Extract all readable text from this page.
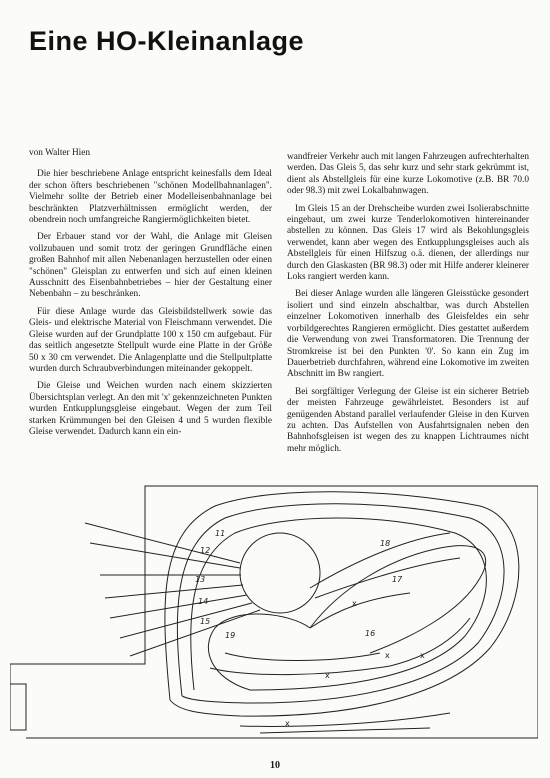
Eine HO-Kleinanlage

von Walter Hien

Die hier beschriebene Anlage entspricht keinesfalls dem Ideal der schon öfters beschriebenen "schönen Modellbahnanlagen". Vielmehr sollte der Betrieb einer Modelleisenbahnanlage bei beschränkten Platzverhältnissen ermöglicht werden, der obendrein noch umfangreiche Rangiermöglichkeiten bietet.

Der Erbauer stand vor der Wahl, die Anlage mit Gleisen vollzubauen und somit trotz der geringen Grundfläche einen großen Bahnhof mit allen Nebenanlagen herzustellen oder einen "schönen" Gleisplan zu entwerfen und sich auf einen kleinen Ausschnitt des Eisenbahnbetriebes – hier der Gestaltung einer Nebenbahn – zu beschränken.

Für diese Anlage wurde das Gleisbildstellwerk sowie das Gleis- und elektrische Material von Fleischmann verwendet. Die Gleise wurden auf der Grundplatte 100 x 150 cm aufgebaut. Für das seitlich angesetzte Stellpult wurde eine Platte in der Größe 50 x 30 cm verwendet. Die Anlagenplatte und die Stellpultplatte wurden durch Schraubverbindungen miteinander gekoppelt.

Die Gleise und Weichen wurden nach einem skizzierten Übersichtsplan verlegt. An den mit 'x' gekennzeichneten Punkten wurden Entkupplungsgleise eingebaut. Wegen der zum Teil starken Krümmungen bei den Gleisen 4 und 5 wurden flexible Gleise verwendet. Dadurch kann ein ein-

wandfreier Verkehr auch mit langen Fahrzeugen aufrechterhalten werden. Das Gleis 5, das sehr kurz und sehr stark gekrümmt ist, dient als Abstellgleis für eine kurze Lokomotive (z.B. BR 70.0 oder 98.3) mit zwei Lokalbahnwagen.

Im Gleis 15 an der Drehscheibe wurden zwei Isolierabschnitte eingebaut, um zwei kurze Tenderlokomotiven hintereinander abstellen zu können. Das Gleis 17 wird als Bekohlungsgleis verwendet, kann aber wegen des Entkupplungsgleises auch als Abstellgleis für einen Hilfszug o.ä. dienen, der allerdings nur durch den Glaskasten (BR 98.3) oder mit Hilfe anderer kleinerer Loks rangiert werden kann.

Bei dieser Anlage wurden alle längeren Gleisstücke gesondert isoliert und sind einzeln abschaltbar, was durch Abstellen einzelner Lokomotiven innerhalb des Gleisfeldes ein sehr vorbildgerechtes Rangieren ermöglicht. Dies gestattet außerdem die Verwendung von zwei Transformatoren. Die Trennung der Stromkreise ist bei den Punkten '0'. So kann ein Zug im Dauerbetrieb durchfahren, während eine Lokomotive im zweiten Abschnitt im Bw rangiert.

Bei sorgfältiger Verlegung der Gleise ist ein sicherer Betrieb der meisten Fahrzeuge gewährleistet. Besonders ist auf genügenden Abstand parallel verlaufender Gleise in den Kurven zu achten. Das Aufstellen von Ausfahrtsignalen neben den Bahnhofsgleisen ist wegen des zu knappen Lichtraumes nicht mehr möglich.

11
12
13
14
15
16
17
18
19
x
x	x
x
x
10
